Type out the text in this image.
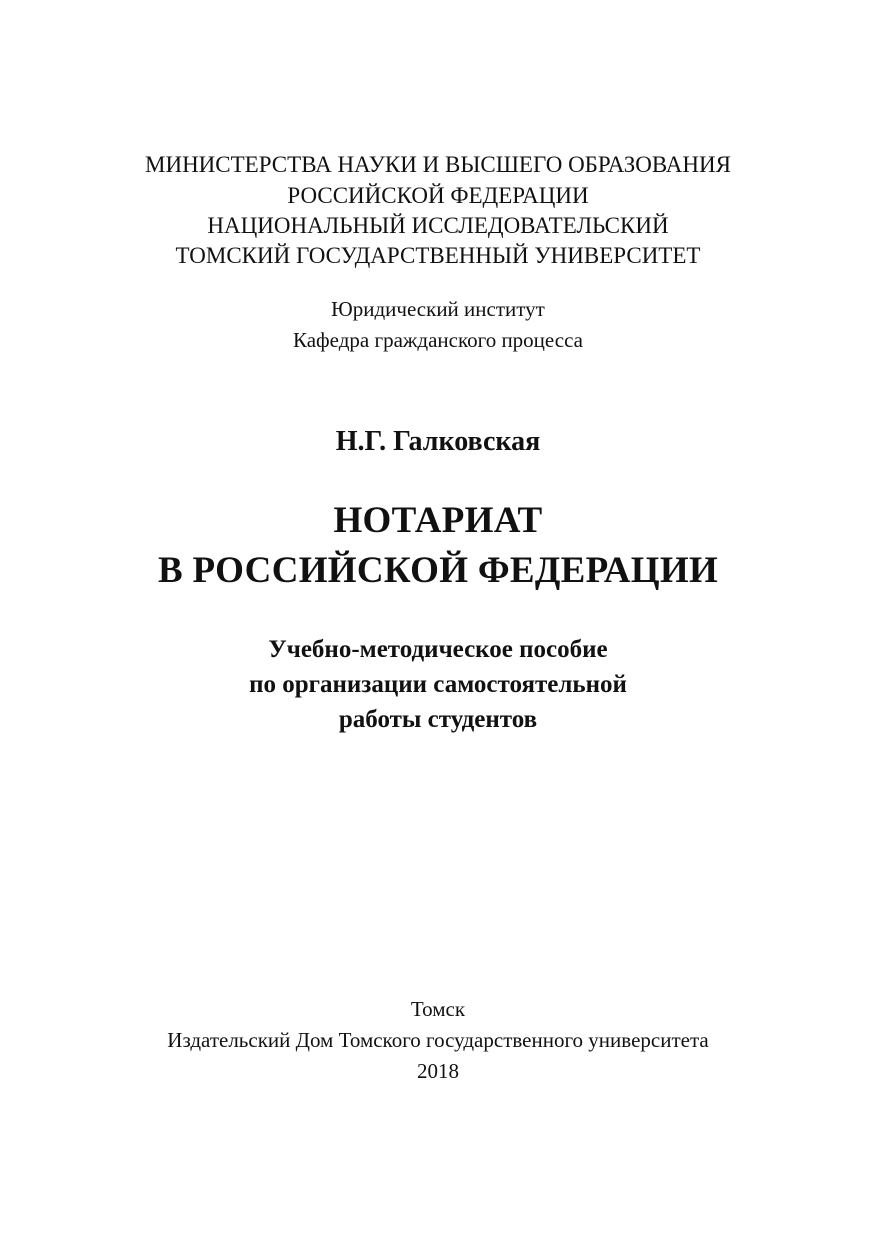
МИНИСТЕРСТВА НАУКИ И ВЫСШЕГО ОБРАЗОВАНИЯ
РОССИЙСКОЙ ФЕДЕРАЦИИ
НАЦИОНАЛЬНЫЙ ИССЛЕДОВАТЕЛЬСКИЙ
ТОМСКИЙ ГОСУДАРСТВЕННЫЙ УНИВЕРСИТЕТ
Юридический институт
Кафедра гражданского процесса
Н.Г. Галковская
НОТАРИАТ
В РОССИЙСКОЙ ФЕДЕРАЦИИ
Учебно-методическое пособие
по организации самостоятельной
работы студентов
Томск
Издательский Дом Томского государственного университета
2018
